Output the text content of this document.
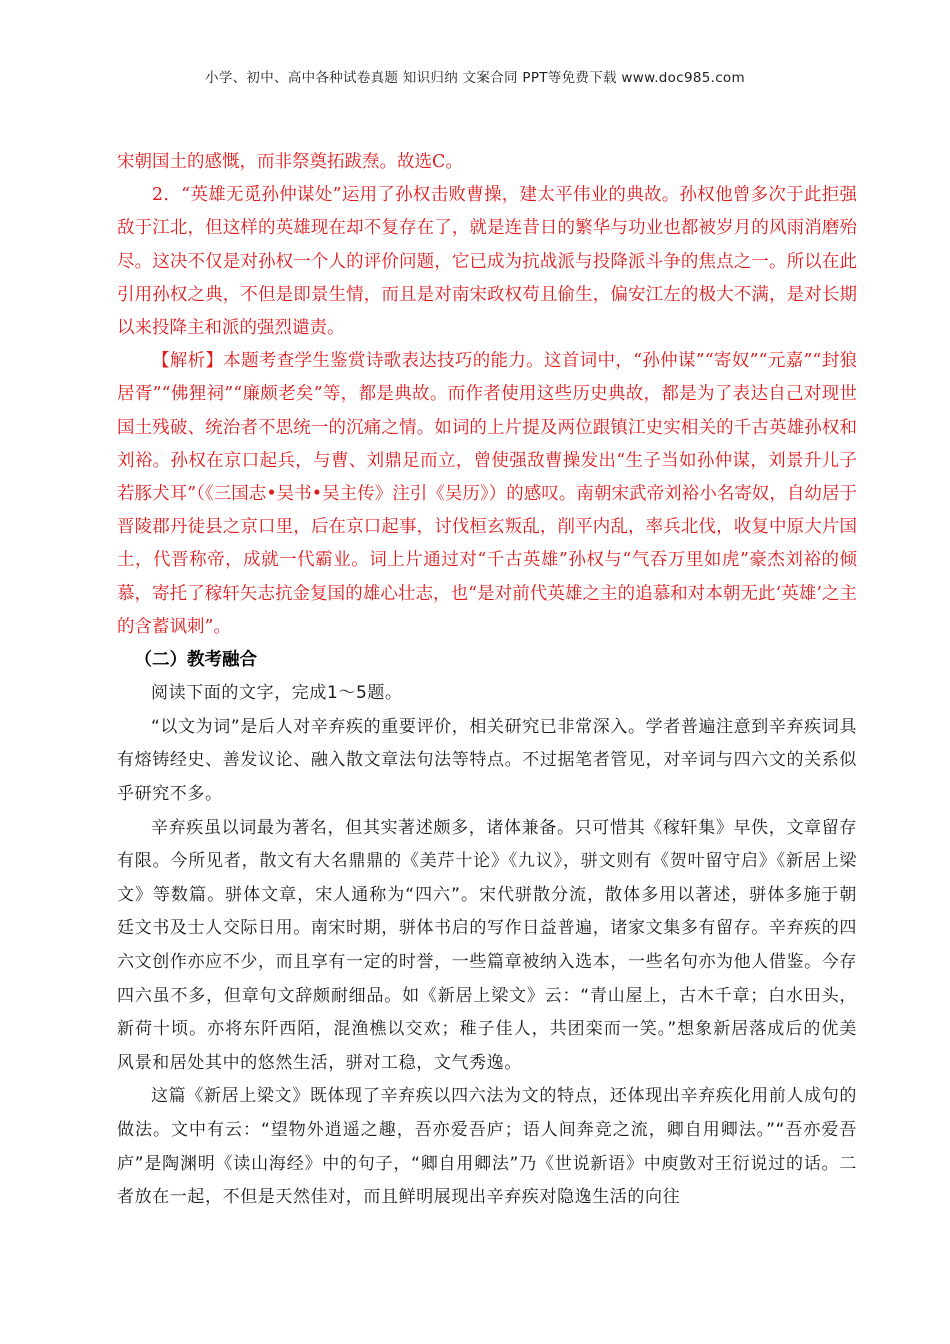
小学、初中、高中各种试卷真题 知识归纳 文案合同 PPT等免费下载 www.doc985.com

宋朝国土的感慨，而非祭奠拓跋焘。故选C。

2．“英雄无觅孙仲谋处”运用了孙权击败曹操，建太平伟业的典故。孙权他曾多次于此拒强敌于江北，但这样的英雄现在却不复存在了，就是连昔日的繁华与功业也都被岁月的风雨消磨殆尽。这决不仅是对孙权一个人的评价问题，它已成为抗战派与投降派斗争的焦点之一。所以在此引用孙权之典，不但是即景生情，而且是对南宋政权苟且偷生，偏安江左的极大不满，是对长期以来投降主和派的强烈谴责。

【解析】本题考查学生鉴赏诗歌表达技巧的能力。这首词中，“孙仲谋”“寄奴”“元嘉”“封狼居胥”“佛狸祠”“廉颇老矣”等，都是典故。而作者使用这些历史典故，都是为了表达自己对现世国土残破、统治者不思统一的沉痛之情。如词的上片提及两位跟镇江史实相关的千古英雄孙权和刘裕。孙权在京口起兵，与曹、刘鼎足而立，曾使强敌曹操发出“生子当如孙仲谋，刘景升儿子若豚犬耳”（《三国志•吴书•吴主传》注引《吴历》）的感叹。南朝宋武帝刘裕小名寄奴，自幼居于晋陵郡丹徒县之京口里，后在京口起事，讨伐桓玄叛乱，削平内乱，率兵北伐，收复中原大片国土，代晋称帝，成就一代霸业。词上片通过对“千古英雄”孙权与“气吞万里如虎”豪杰刘裕的倾慕，寄托了稼轩矢志抗金复国的雄心壮志，也“是对前代英雄之主的追慕和对本朝无此‘英雄’之主的含蓄讽刺”。

（二）教考融合

阅读下面的文字，完成1～5题。

“以文为词”是后人对辛弃疾的重要评价，相关研究已非常深入。学者普遍注意到辛弃疾词具有熔铸经史、善发议论、融入散文章法句法等特点。不过据笔者管见，对辛词与四六文的关系似乎研究不多。

辛弃疾虽以词最为著名，但其实著述颇多，诸体兼备。只可惜其《稼轩集》早佚，文章留存有限。今所见者，散文有大名鼎鼎的《美芹十论》《九议》，骈文则有《贺叶留守启》《新居上梁文》等数篇。骈体文章，宋人通称为“四六”。宋代骈散分流，散体多用以著述，骈体多施于朝廷文书及士人交际日用。南宋时期，骈体书启的写作日益普遍，诸家文集多有留存。辛弃疾的四六文创作亦应不少，而且享有一定的时誉，一些篇章被纳入选本，一些名句亦为他人借鉴。今存四六虽不多，但章句文辞颇耐细品。如《新居上梁文》云：“青山屋上，古木千章；白水田头，新荷十顷。亦将东阡西陌，混渔樵以交欢；稚子佳人，共团栾而一笑。”想象新居落成后的优美风景和居处其中的悠然生活，骈对工稳，文气秀逸。

这篇《新居上梁文》既体现了辛弃疾以四六法为文的特点，还体现出辛弃疾化用前人成句的做法。文中有云：“望物外逍遥之趣，吾亦爱吾庐；语人间奔竞之流，卿自用卿法。”“吾亦爱吾庐”是陶渊明《读山海经》中的句子，“卿自用卿法”乃《世说新语》中庾敳对王衍说过的话。二者放在一起，不但是天然佳对，而且鲜明展现出辛弃疾对隐逸生活的向往
